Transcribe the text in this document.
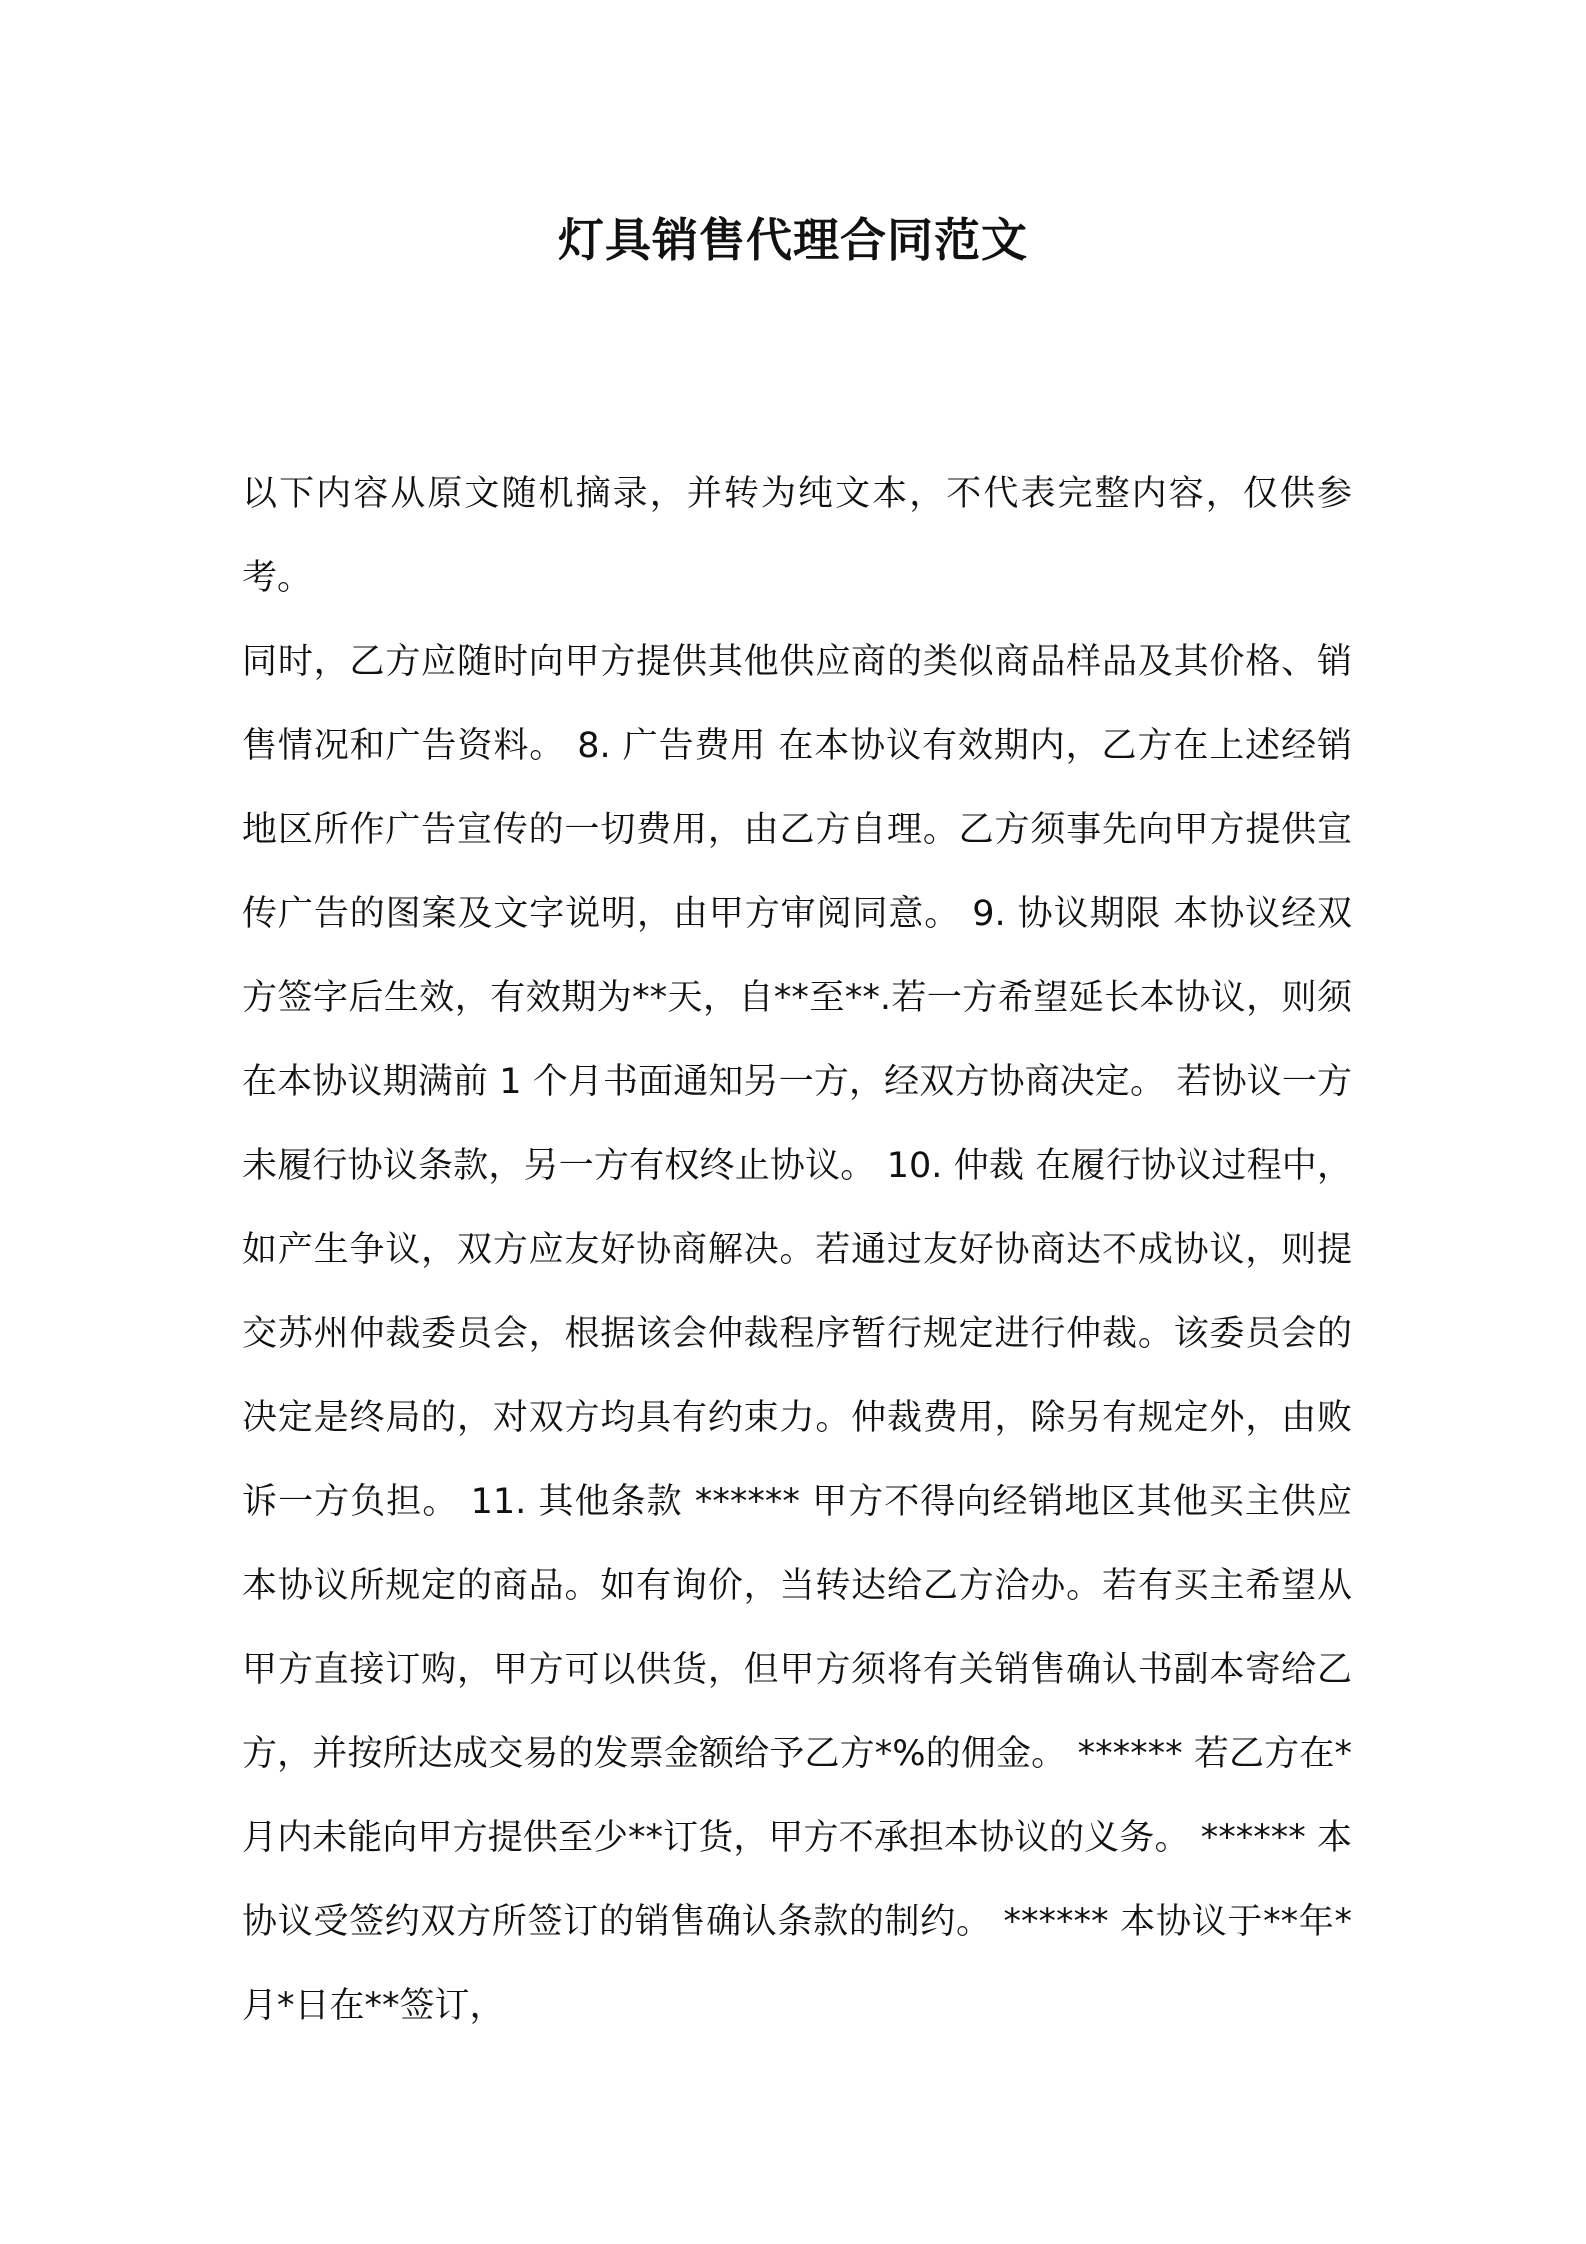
灯具销售代理合同范文

以下内容从原文随机摘录，并转为纯文本，不代表完整内容，仅供参考。

同时，乙方应随时向甲方提供其他供应商的类似商品样品及其价格、销售情况和广告资料。 8. 广告费用 在本协议有效期内，乙方在上述经销地区所作广告宣传的一切费用，由乙方自理。乙方须事先向甲方提供宣传广告的图案及文字说明，由甲方审阅同意。 9. 协议期限 本协议经双方签字后生效，有效期为**天，自**至**.若一方希望延长本协议，则须在本协议期满前 1 个月书面通知另一方，经双方协商决定。 若协议一方未履行协议条款，另一方有权终止协议。 10. 仲裁 在履行协议过程中，如产生争议，双方应友好协商解决。若通过友好协商达不成协议，则提交苏州仲裁委员会，根据该会仲裁程序暂行规定进行仲裁。该委员会的决定是终局的，对双方均具有约束力。仲裁费用，除另有规定外，由败诉一方负担。 11. 其他条款 ****** 甲方不得向经销地区其他买主供应本协议所规定的商品。如有询价，当转达给乙方洽办。若有买主希望从甲方直接订购，甲方可以供货，但甲方须将有关销售确认书副本寄给乙方，并按所达成交易的发票金额给予乙方*%的佣金。 ****** 若乙方在*月内未能向甲方提供至少**订货，甲方不承担本协议的义务。 ****** 本协议受签约双方所签订的销售确认条款的制约。 ****** 本协议于**年*月*日在**签订，
